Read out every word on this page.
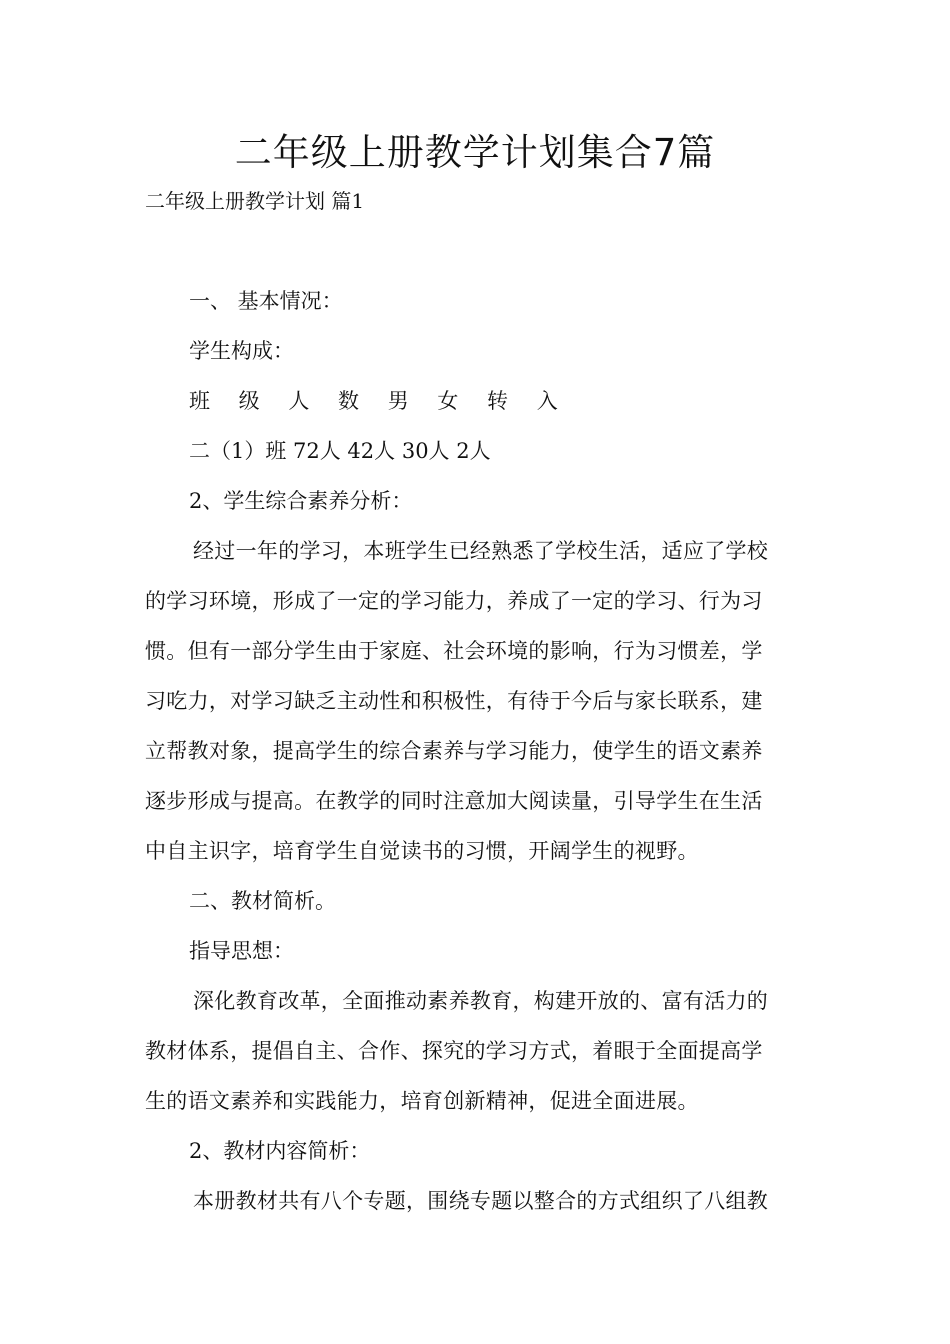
二年级上册教学计划集合7篇

二年级上册教学计划 篇1

一、 基本情况：

学生构成：

班 级 人 数 男 女 转 入

二（1）班 72人 42人 30人 2人

2、学生综合素养分析：

经过一年的学习，本班学生已经熟悉了学校生活，适应了学校

的学习环境，形成了一定的学习能力，养成了一定的学习、行为习

惯。但有一部分学生由于家庭、社会环境的影响，行为习惯差，学

习吃力，对学习缺乏主动性和积极性，有待于今后与家长联系，建

立帮教对象，提高学生的综合素养与学习能力，使学生的语文素养

逐步形成与提高。在教学的同时注意加大阅读量，引导学生在生活

中自主识字，培育学生自觉读书的习惯，开阔学生的视野。

二、教材简析。

指导思想：

深化教育改革，全面推动素养教育，构建开放的、富有活力的

教材体系，提倡自主、合作、探究的学习方式，着眼于全面提高学

生的语文素养和实践能力，培育创新精神，促进全面进展。

2、教材内容简析：

本册教材共有八个专题，围绕专题以整合的方式组织了八组教
